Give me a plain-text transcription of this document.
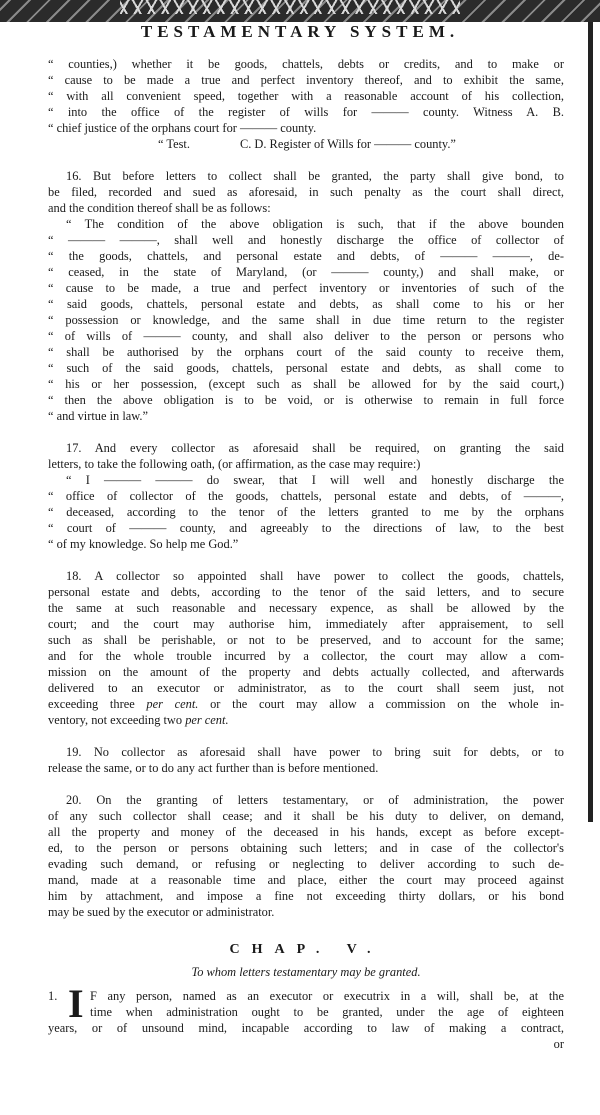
TESTAMENTARY SYSTEM.
“ counties,) whether it be goods, chattels, debts or credits, and to make or
“ cause to be made a true and perfect inventory thereof, and to exhibit the same,
“ with all convenient speed, together with a reasonable account of his collection,
“ into the office of the register of wills for ——— county. Witness A. B.
“ chief justice of the orphans court for ——— county.
“ Test.	C. D. Register of Wills for ——— county.”
16. But before letters to collect shall be granted, the party shall give bond, to
be filed, recorded and sued as aforesaid, in such penalty as the court shall direct,
and the condition thereof shall be as follows:
“ The condition of the above obligation is such, that if the above bounden
“ ——— ———, shall well and honestly discharge the office of collector of
“ the goods, chattels, and personal estate and debts, of ——— ———, de-
“ ceased, in the state of Maryland, (or ——— county,) and shall make, or
“ cause to be made, a true and perfect inventory or inventories of such of the
“ said goods, chattels, personal estate and debts, as shall come to his or her
“ possession or knowledge, and the same shall in due time return to the register
“ of wills of ——— county, and shall also deliver to the person or persons who
“ shall be authorised by the orphans court of the said county to receive them,
“ such of the said goods, chattels, personal estate and debts, as shall come to
“ his or her possession, (except such as shall be allowed for by the said court,)
“ then the above obligation is to be void, or is otherwise to remain in full force
“ and virtue in law.”
17. And every collector as aforesaid shall be required, on granting the said
letters, to take the following oath, (or affirmation, as the case may require:)
“ I ——— ——— do swear, that I will well and honestly discharge the
“ office of collector of the goods, chattels, personal estate and debts, of ———,
“ deceased, according to the tenor of the letters granted to me by the orphans
“ court of ——— county, and agreeably to the directions of law, to the best
“ of my knowledge. So help me God.”
18. A collector so appointed shall have power to collect the goods, chattels,
personal estate and debts, according to the tenor of the said letters, and to secure
the same at such reasonable and necessary expence, as shall be allowed by the
court; and the court may authorise him, immediately after appraisement, to sell
such as shall be perishable, or not to be preserved, and to account for the same;
and for the whole trouble incurred by a collector, the court may allow a com-
mission on the amount of the property and debts actually collected, and afterwards
delivered to an executor or administrator, as to the court shall seem just, not
exceeding three per cent. or the court may allow a commission on the whole in-
ventory, not exceeding two per cent.
19. No collector as aforesaid shall have power to bring suit for debts, or to
release the same, or to do any act further than is before mentioned.
20. On the granting of letters testamentary, or of administration, the power
of any such collector shall cease; and it shall be his duty to deliver, on demand,
all the property and money of the deceased in his hands, except as before except-
ed, to the person or persons obtaining such letters; and in case of the collector's
evading such demand, or refusing or neglecting to deliver according to such de-
mand, made at a reasonable time and place, either the court may proceed against
him by attachment, and impose a fine not exceeding thirty dollars, or his bond
may be sued by the executor or administrator.
CHAP. V.
To whom letters testamentary may be granted.
1. I F any person, named as an executor or executrix in a will, shall be, at the
time when administration ought to be granted, under the age of eighteen
years, or of unsound mind, incapable according to law of making a contract,
or
